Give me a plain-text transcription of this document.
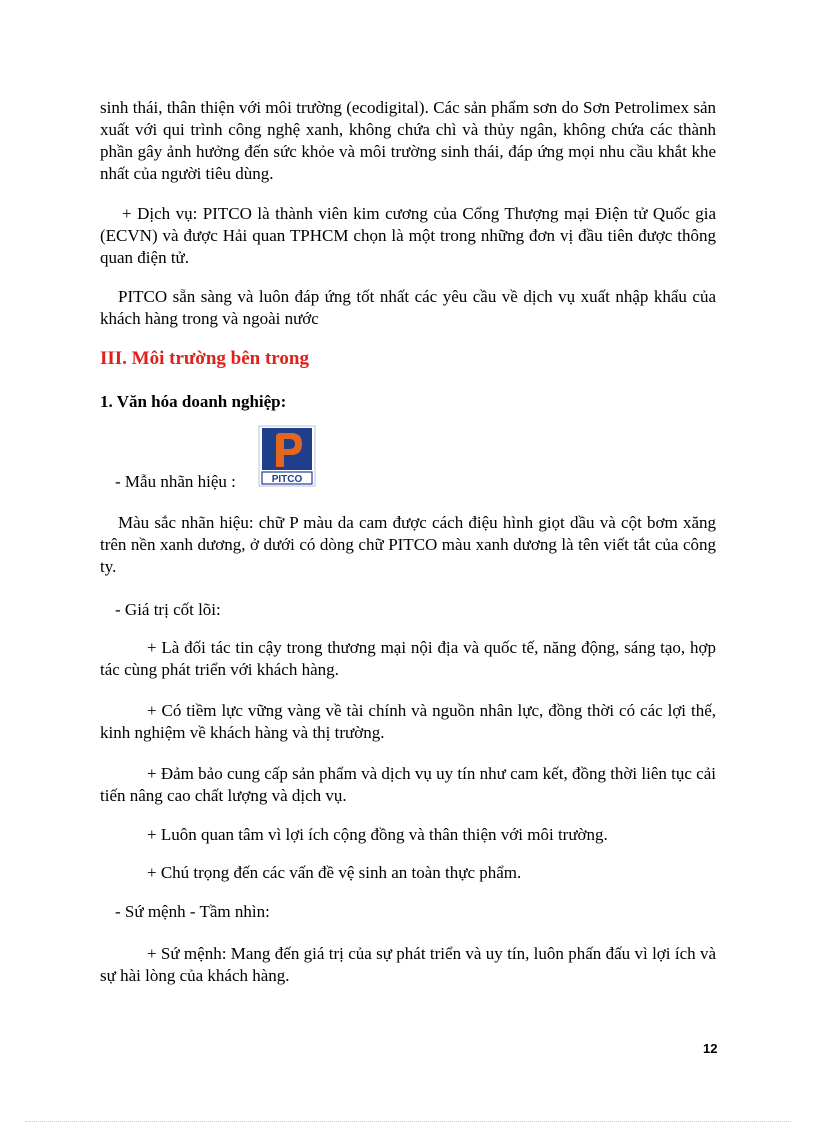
sinh thái, thân thiện với môi trường (ecodigital). Các sản phẩm sơn do Sơn Petrolimex sản xuất với qui trình công nghệ xanh, không chứa chì và thủy ngân, không chứa các thành phần gây ảnh hưởng đến sức khỏe và môi trường sinh thái, đáp ứng mọi nhu cầu khắt khe nhất của người tiêu dùng.

+ Dịch vụ: PITCO là thành viên kim cương của Cổng Thượng mại Điện tử Quốc gia (ECVN) và được Hải quan TPHCM chọn là một trong những đơn vị đầu tiên được thông quan điện tử.

PITCO sẵn sàng và luôn đáp ứng tốt nhất các yêu cầu về dịch vụ xuất nhập khẩu của khách hàng trong và ngoài nước

III. Môi trường bên trong

1. Văn hóa doanh nghiệp:

- Mẫu nhãn hiệu :	PITCO

Màu sắc nhãn hiệu: chữ P màu da cam được cách điệu hình giọt dầu và cột bơm xăng trên nền xanh dương, ở dưới có dòng chữ PITCO màu xanh dương là tên viết tắt của công ty.

- Giá trị cốt lõi:

+ Là đối tác tin cậy trong thương mại nội địa và quốc tế, năng động, sáng tạo, hợp tác cùng phát triển với khách hàng.

+ Có tiềm lực vững vàng về tài chính và nguồn nhân lực, đồng thời có các lợi thế, kinh nghiệm về khách hàng và thị trường.

+ Đảm bảo cung cấp sản phẩm và dịch vụ uy tín như cam kết, đồng thời liên tục cải tiến nâng cao chất lượng và dịch vụ.

+ Luôn quan tâm vì lợi ích cộng đồng và thân thiện với môi trường.

+ Chú trọng đến các vấn đề vệ sinh an toàn thực phẩm.

- Sứ mệnh - Tầm nhìn:

+ Sứ mệnh: Mang đến giá trị của sự phát triển và uy tín, luôn phấn đấu vì lợi ích và sự hài lòng của khách hàng.

12
